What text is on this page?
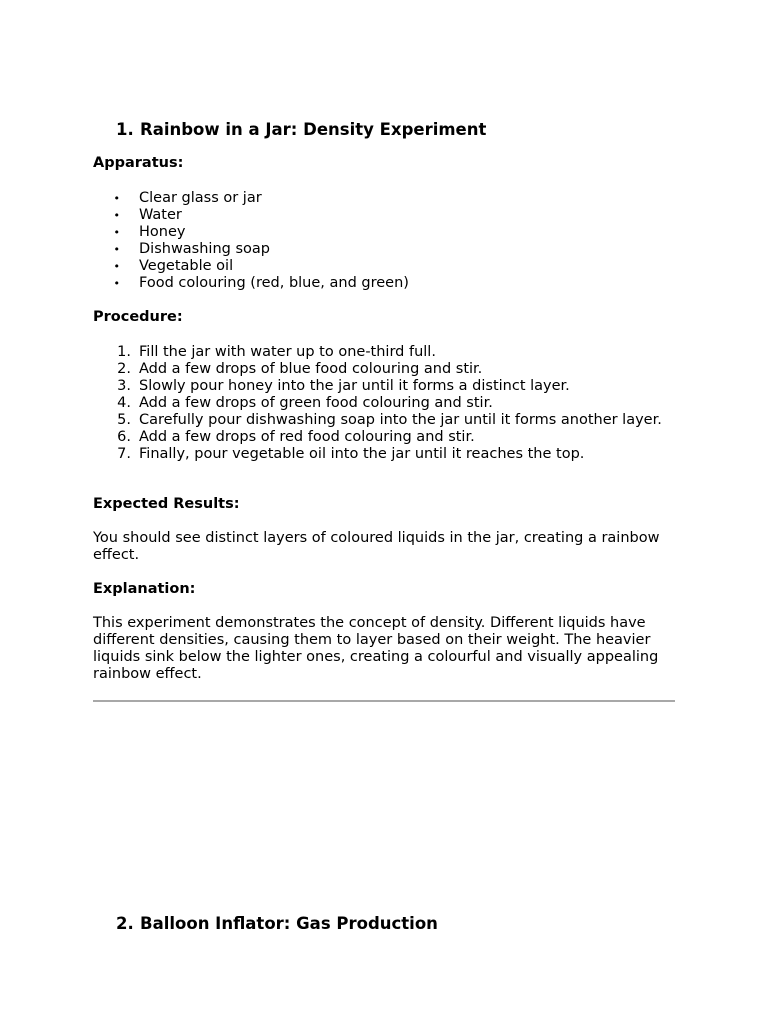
1. Rainbow in a Jar: Density Experiment
Apparatus:
• Clear glass or jar
• Water
• Honey
• Dishwashing soap
• Vegetable oil
• Food colouring (red, blue, and green)
Procedure:
1. Fill the jar with water up to one-third full.
2. Add a few drops of blue food colouring and stir.
3. Slowly pour honey into the jar until it forms a distinct layer.
4. Add a few drops of green food colouring and stir.
5. Carefully pour dishwashing soap into the jar until it forms another layer.
6. Add a few drops of red food colouring and stir.
7. Finally, pour vegetable oil into the jar until it reaches the top.
Expected Results:
You should see distinct layers of coloured liquids in the jar, creating a rainbow effect.
Explanation:
This experiment demonstrates the concept of density. Different liquids have different densities, causing them to layer based on their weight. The heavier liquids sink below the lighter ones, creating a colourful and visually appealing rainbow effect.
2. Balloon Inflator: Gas Production
